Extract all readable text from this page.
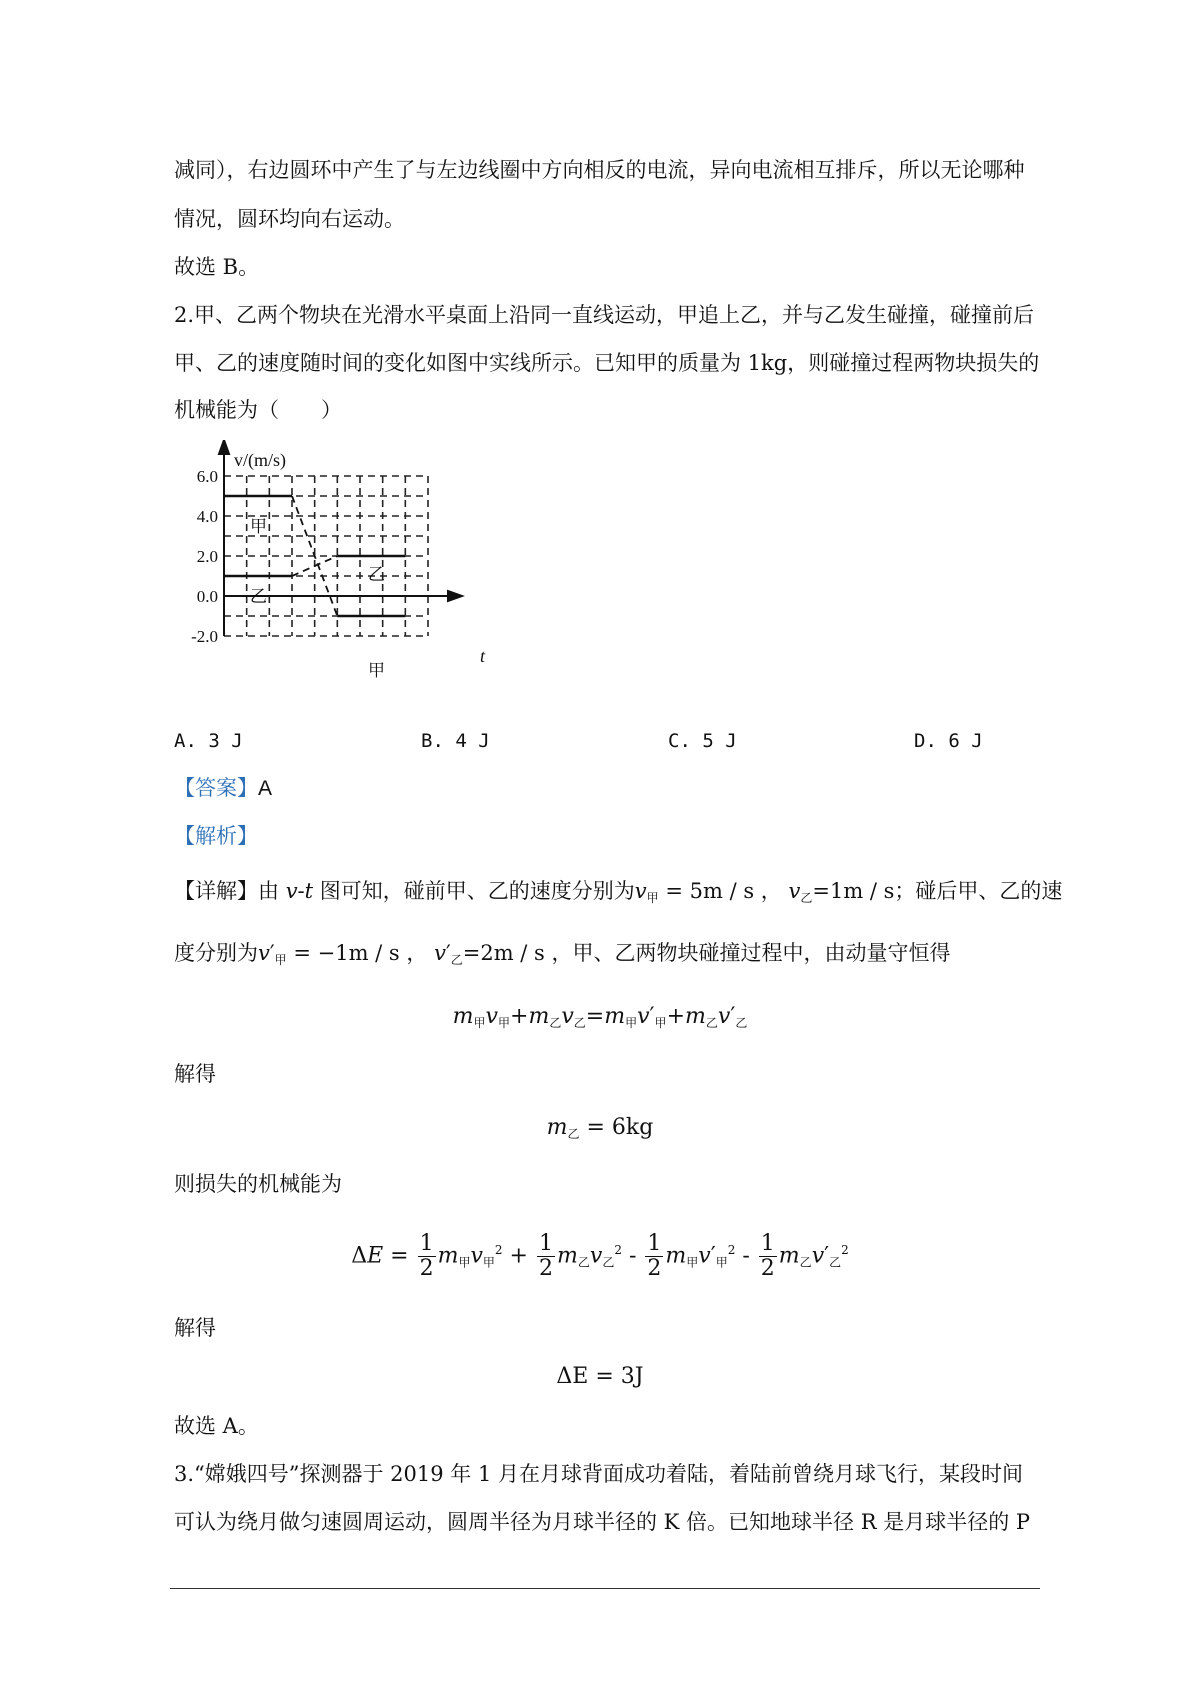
减同），右边圆环中产生了与左边线圈中方向相反的电流，异向电流相互排斥，所以无论哪种
情况，圆环均向右运动。
故选 B。
2.甲、乙两个物块在光滑水平桌面上沿同一直线运动，甲追上乙，并与乙发生碰撞，碰撞前后
甲、乙的速度随时间的变化如图中实线所示。已知甲的质量为 1kg，则碰撞过程两物块损失的
机械能为（　　）
6.0
4.0
2.0
0.0
-2.0
v/(m/s)
t
甲
乙
乙
甲
A. 3 J	B. 4 J	C. 5 J	D. 6 J
【答案】A
【解析】
【详解】由 v-t 图可知，碰前甲、乙的速度分别为$v_甲 = 5m / s$ ， $v_乙=1m / s$；碰后甲、乙的速
度分别为$v'_甲 = -1m / s$ ， $v'_乙=2m / s$ ，甲、乙两物块碰撞过程中，由动量守恒得
$m_甲v_甲+m_乙v_乙=m_甲v'_甲+m_乙v'_乙$
解得
$m_乙 = 6kg$
则损失的机械能为
$\Delta E = \frac{1}{2} m_甲v_甲^2 + \frac{1}{2} m_乙v_乙^2 - \frac{1}{2} m_甲v'_甲^2 - \frac{1}{2} m_乙v'_乙^2$
解得
ΔE = 3J
故选 A。
3.“嫦娥四号”探测器于 2019 年 1 月在月球背面成功着陆，着陆前曾绕月球飞行，某段时间
可认为绕月做匀速圆周运动，圆周半径为月球半径的 K 倍。已知地球半径 R 是月球半径的 P
